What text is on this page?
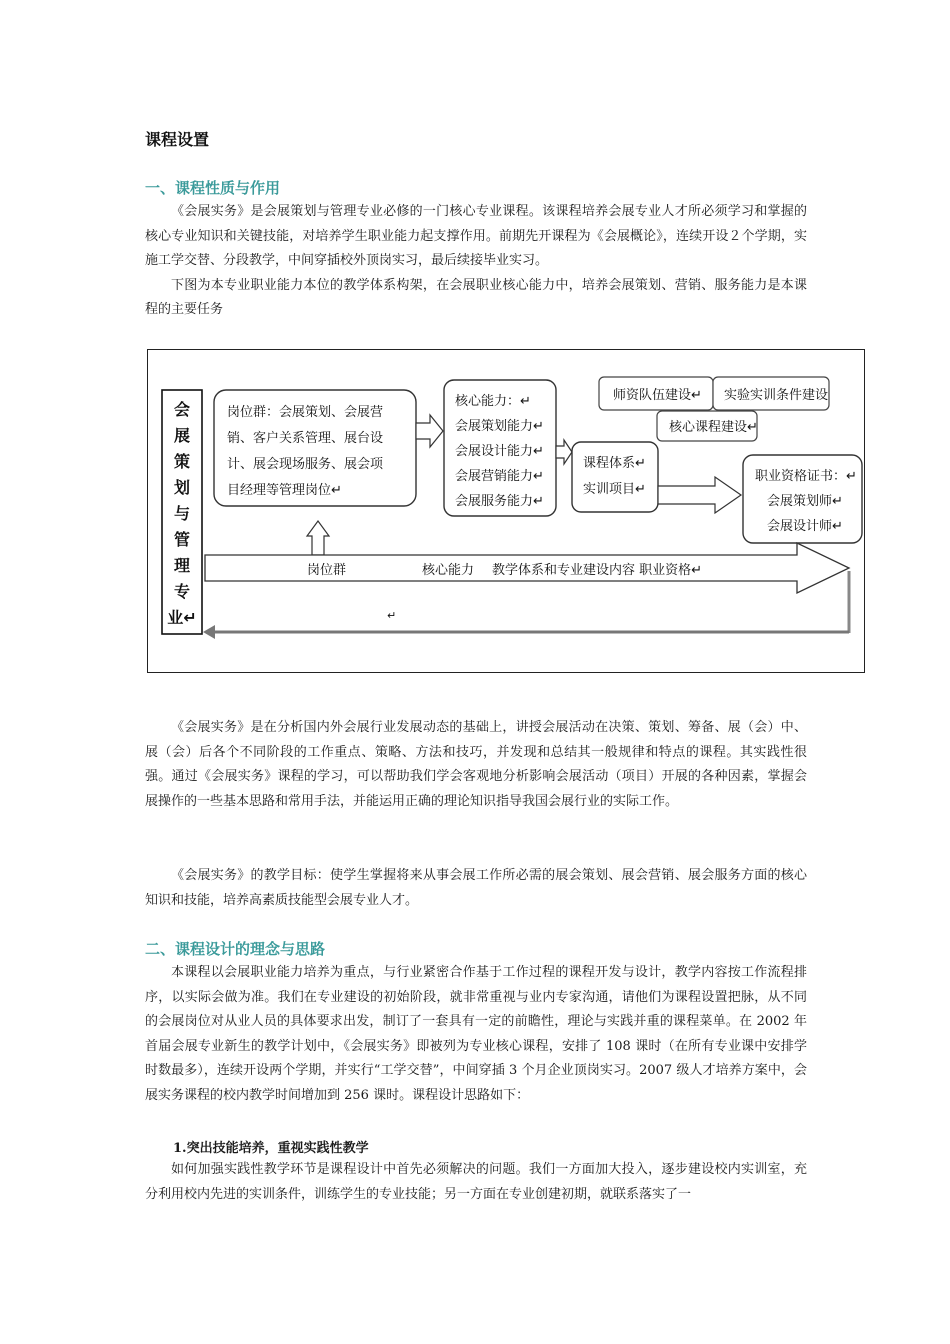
课程设置
一、课程性质与作用

《会展实务》是会展策划与管理专业必修的一门核心专业课程。该课程培养会展专业人才所必须学习和掌握的核心专业知识和关键技能，对培养学生职业能力起支撑作用。前期先开课程为《会展概论》，连续开设２个学期，实施工学交替、分段教学，中间穿插校外顶岗实习，最后续接毕业实习。
下图为本专业职业能力本位的教学体系构架，在会展职业核心能力中，培养会展策划、营销、服务能力是本课程的主要任务

会
展
策
划
与
管
理
专
业↵
岗位群：会展策划、会展营
销、客户关系管理、展台设
计、展会现场服务、展会项
目经理等管理岗位↵
核心能力：↵
会展策划能力↵
会展设计能力↵
会展营销能力↵
会展服务能力↵
课程体系↵
实训项目↵
师资队伍建设↵ 实验实训条件建设
核心课程建设↵
职业资格证书：↵
会展策划师↵
会展设计师↵
岗位群	核心能力 教学体系和专业建设内容 职业资格↵
↵

《会展实务》是在分析国内外会展行业发展动态的基础上，讲授会展活动在决策、策划、筹备、展（会）中、展（会）后各个不同阶段的工作重点、策略、方法和技巧，并发现和总结其一般规律和特点的课程。其实践性很强。通过《会展实务》课程的学习，可以帮助我们学会客观地分析影响会展活动（项目）开展的各种因素，掌握会展操作的一些基本思路和常用手法，并能运用正确的理论知识指导我国会展行业的实际工作。

《会展实务》的教学目标：使学生掌握将来从事会展工作所必需的展会策划、展会营销、展会服务方面的核心知识和技能，培养高素质技能型会展专业人才。

二、课程设计的理念与思路

本课程以会展职业能力培养为重点，与行业紧密合作基于工作过程的课程开发与设计，教学内容按工作流程排序，以实际会做为准。我们在专业建设的初始阶段，就非常重视与业内专家沟通，请他们为课程设置把脉，从不同的会展岗位对从业人员的具体要求出发，制订了一套具有一定的前瞻性，理论与实践并重的课程菜单。在 2002 年首届会展专业新生的教学计划中，《会展实务》即被列为专业核心课程，安排了 108 课时（在所有专业课中安排学时数最多），连续开设两个学期，并实行“工学交替”，中间穿插 3 个月企业顶岗实习。2007 级人才培养方案中，会展实务课程的校内教学时间增加到 256 课时。课程设计思路如下：

1.突出技能培养，重视实践性教学

如何加强实践性教学环节是课程设计中首先必须解决的问题。我们一方面加大投入，逐步建设校内实训室，充分利用校内先进的实训条件，训练学生的专业技能；另一方面在专业创建初期，就联系落实了一
